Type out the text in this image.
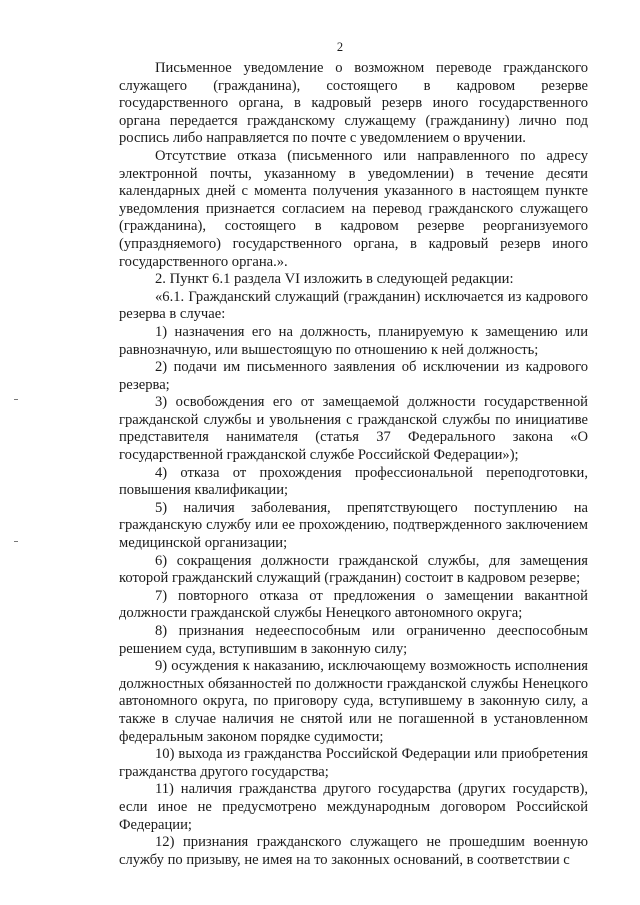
2

Письменное уведомление о возможном переводе гражданского служащего (гражданина), состоящего в кадровом резерве государственного органа, в кадровый резерв иного государственного органа передается гражданскому служащему (гражданину) лично под роспись либо направляется по почте с уведомлением о вручении.

Отсутствие отказа (письменного или направленного по адресу электронной почты, указанному в уведомлении) в течение десяти календарных дней с момента получения указанного в настоящем пункте уведомления признается согласием на перевод гражданского служащего (гражданина), состоящего в кадровом резерве реорганизуемого (упраздняемого) государственного органа, в кадровый резерв иного государственного органа.».

2. Пункт 6.1 раздела VI изложить в следующей редакции:

«6.1. Гражданский служащий (гражданин) исключается из кадрового резерва в случае:

1) назначения его на должность, планируемую к замещению или равнозначную, или вышестоящую по отношению к ней должность;

2) подачи им письменного заявления об исключении из кадрового резерва;

3) освобождения его от замещаемой должности государственной гражданской службы и увольнения с гражданской службы по инициативе представителя нанимателя (статья 37 Федерального закона «О государственной гражданской службе Российской Федерации»);

4) отказа от прохождения профессиональной переподготовки, повышения квалификации;

5) наличия заболевания, препятствующего поступлению на гражданскую службу или ее прохождению, подтвержденного заключением медицинской организации;

6) сокращения должности гражданской службы, для замещения которой гражданский служащий (гражданин) состоит в кадровом резерве;

7) повторного отказа от предложения о замещении вакантной должности гражданской службы Ненецкого автономного округа;

8) признания недееспособным или ограниченно дееспособным решением суда, вступившим в законную силу;

9) осуждения к наказанию, исключающему возможность исполнения должностных обязанностей по должности гражданской службы Ненецкого автономного округа, по приговору суда, вступившему в законную силу, а также в случае наличия не снятой или не погашенной в установленном федеральным законом порядке судимости;

10) выхода из гражданства Российской Федерации или приобретения гражданства другого государства;

11) наличия гражданства другого государства (других государств), если иное не предусмотрено международным договором Российской Федерации;

12) признания гражданского служащего не прошедшим военную службу по призыву, не имея на то законных оснований, в соответствии с
